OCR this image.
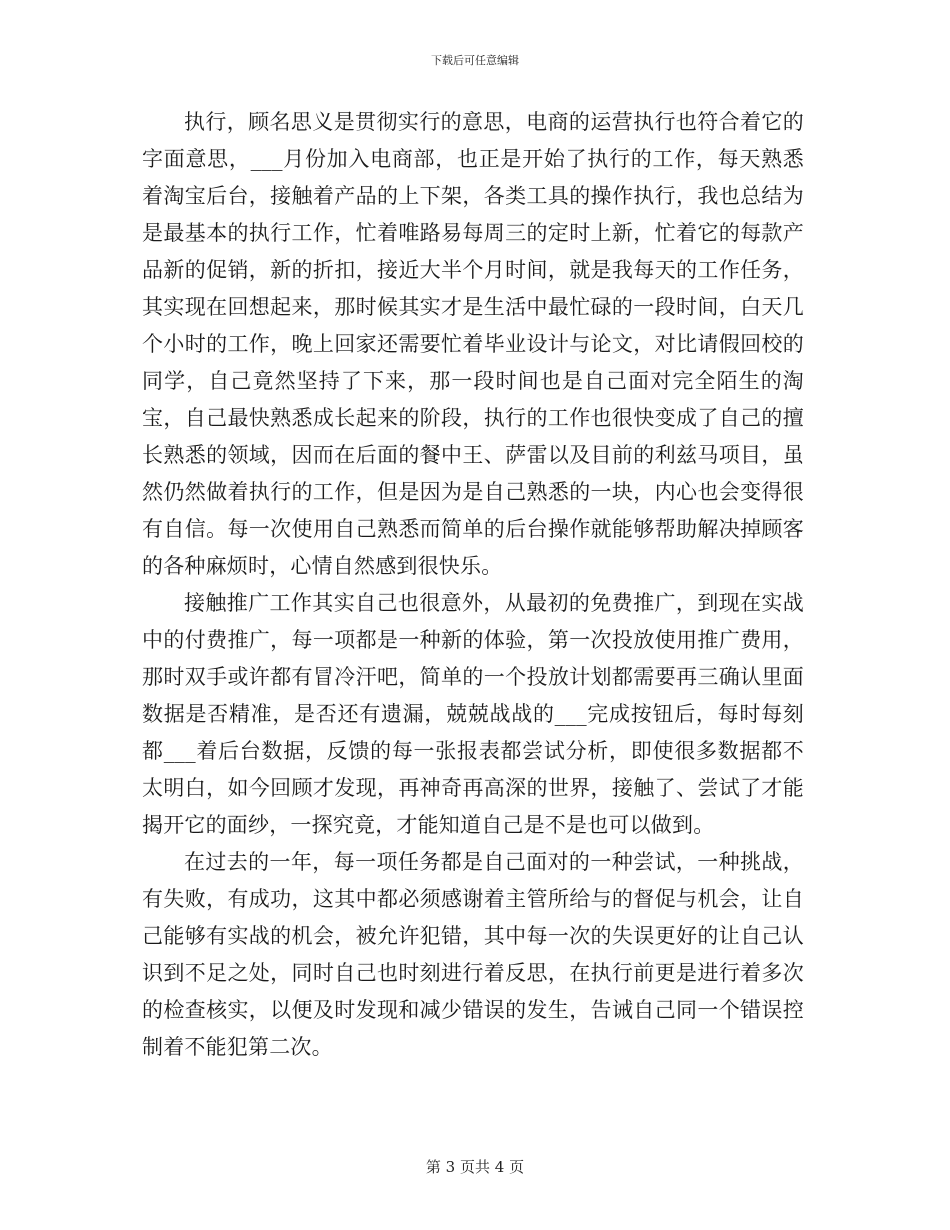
下载后可任意编辑

执行，顾名思义是贯彻实行的意思，电商的运营执行也符合着它的字面意思，___月份加入电商部，也正是开始了执行的工作，每天熟悉着淘宝后台，接触着产品的上下架，各类工具的操作执行，我也总结为是最基本的执行工作，忙着唯路易每周三的定时上新，忙着它的每款产品新的促销，新的折扣，接近大半个月时间，就是我每天的工作任务，其实现在回想起来，那时候其实才是生活中最忙碌的一段时间，白天几个小时的工作，晚上回家还需要忙着毕业设计与论文，对比请假回校的同学，自己竟然坚持了下来，那一段时间也是自己面对完全陌生的淘宝，自己最快熟悉成长起来的阶段，执行的工作也很快变成了自己的擅长熟悉的领域，因而在后面的餐中王、萨雷以及目前的利兹马项目，虽然仍然做着执行的工作，但是因为是自己熟悉的一块，内心也会变得很有自信。每一次使用自己熟悉而简单的后台操作就能够帮助解决掉顾客的各种麻烦时，心情自然感到很快乐。

接触推广工作其实自己也很意外，从最初的免费推广，到现在实战中的付费推广，每一项都是一种新的体验，第一次投放使用推广费用，那时双手或许都有冒冷汗吧，简单的一个投放计划都需要再三确认里面数据是否精准，是否还有遗漏，兢兢战战的___完成按钮后，每时每刻都___着后台数据，反馈的每一张报表都尝试分析，即使很多数据都不太明白，如今回顾才发现，再神奇再高深的世界，接触了、尝试了才能揭开它的面纱，一探究竟，才能知道自己是不是也可以做到。

在过去的一年，每一项任务都是自己面对的一种尝试，一种挑战，有失败，有成功，这其中都必须感谢着主管所给与的督促与机会，让自己能够有实战的机会，被允许犯错，其中每一次的失误更好的让自己认识到不足之处，同时自己也时刻进行着反思，在执行前更是进行着多次的检查核实，以便及时发现和减少错误的发生，告诫自己同一个错误控制着不能犯第二次。

第 3 页共 4 页
